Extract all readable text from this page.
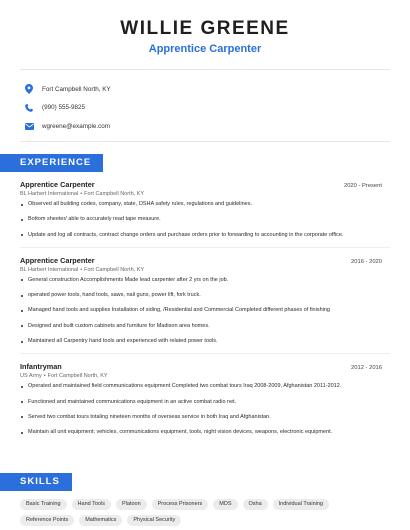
WILLIE GREENE
Apprentice Carpenter
Fort Campbell North, KY
(990) 555-9825
wgreene@example.com
EXPERIENCE
Apprentice Carpenter	2020 - Present
BL Harbert International • Fort Campbell North, KY
Observed all building codes, company, state, OSHA safety rules, regulations and guidelines.
Bottom sheeter/ able to accurately read tape measure.
Update and log all contracts, contract change orders and purchase orders prior to forwarding to accounting in the corporate office.
Apprentice Carpenter	2016 - 2020
BL Harbert International • Fort Campbell North, KY
General construction Accomplishments Made lead carpenter after 2 yrs on the job.
operated power tools, hand tools, saws, nail guns, power lift, fork truck.
Managed hand tools and supplies Installation of siding, /Residential and Commercial Completed different phases of finishing
Designed and built custom cabinets and furniture for Madison area homes.
Maintained all Carpentry hand tools and experienced with related power tools.
Infantryman	2012 - 2016
US Army • Fort Campbell North, KY
Operated and maintained field communications equipment Completed two combat tours Iraq 2008-2009, Afghanistan 2011-2012.
Functioned and maintained communications equipment in an active combat radio net.
Served two combat tours totaling nineteen months of overseas service in both Iraq and Afghanistan.
Maintain all unit equipment; vehicles, communications equipment, tools, night vision devices, weapons, electronic equipment.
SKILLS
Basic Training	Hand Tools	Platoon	Process Prisoners	MDS	Osha	Individual Training
Reference Points	Mathematics	Physical Security
